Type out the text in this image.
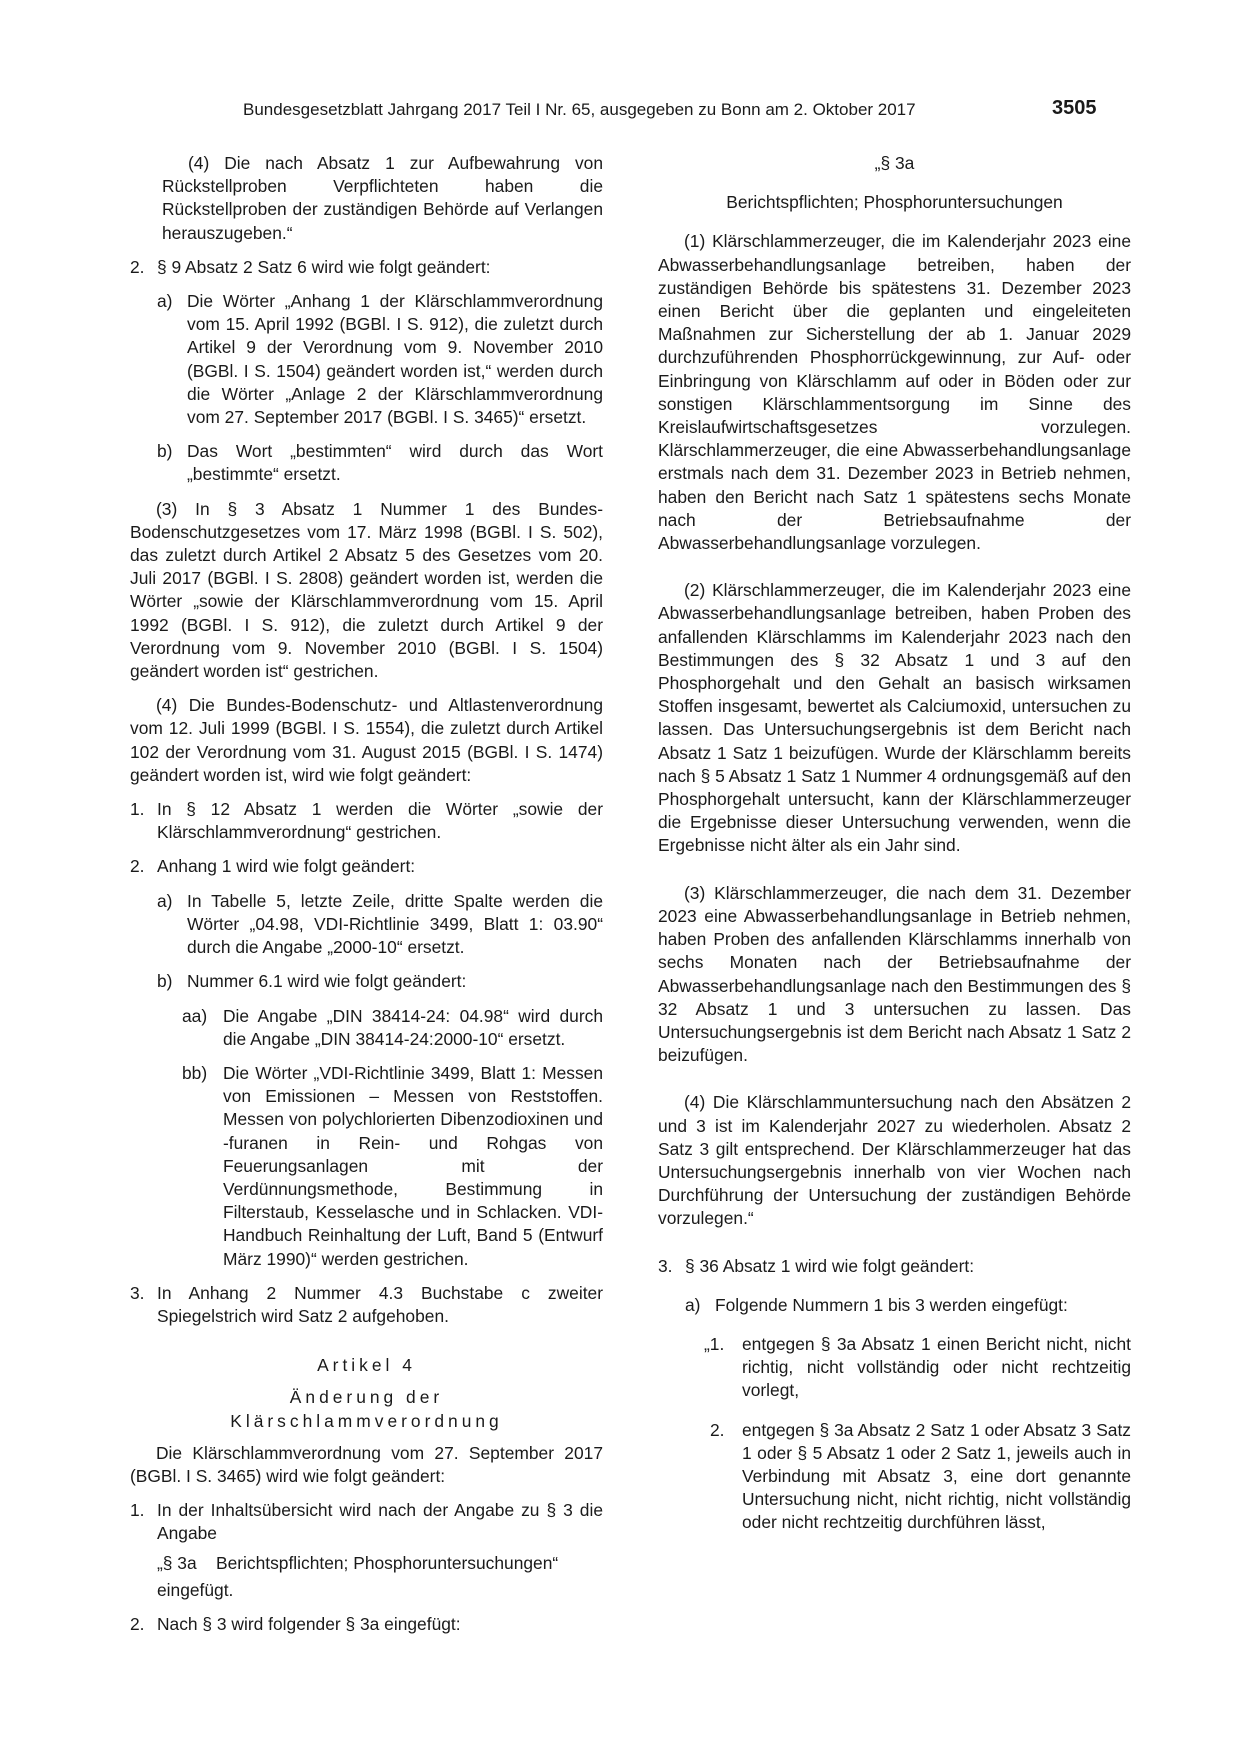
Bundesgesetzblatt Jahrgang 2017 Teil I Nr. 65, ausgegeben zu Bonn am 2. Oktober 2017	3505

(4) Die nach Absatz 1 zur Aufbewahrung von Rückstellproben Verpflichteten haben die Rückstellproben der zuständigen Behörde auf Verlangen herauszugeben.“

2. § 9 Absatz 2 Satz 6 wird wie folgt geändert:
a) Die Wörter „Anhang 1 der Klärschlammverordnung vom 15. April 1992 (BGBl. I S. 912), die zuletzt durch Artikel 9 der Verordnung vom 9. November 2010 (BGBl. I S. 1504) geändert worden ist,“ werden durch die Wörter „Anlage 2 der Klärschlammverordnung vom 27. September 2017 (BGBl. I S. 3465)“ ersetzt.
b) Das Wort „bestimmten“ wird durch das Wort „bestimmte“ ersetzt.

(3) In § 3 Absatz 1 Nummer 1 des Bundes-Bodenschutzgesetzes vom 17. März 1998 (BGBl. I S. 502), das zuletzt durch Artikel 2 Absatz 5 des Gesetzes vom 20. Juli 2017 (BGBl. I S. 2808) geändert worden ist, werden die Wörter „sowie der Klärschlammverordnung vom 15. April 1992 (BGBl. I S. 912), die zuletzt durch Artikel 9 der Verordnung vom 9. November 2010 (BGBl. I S. 1504) geändert worden ist“ gestrichen.

(4) Die Bundes-Bodenschutz- und Altlastenverordnung vom 12. Juli 1999 (BGBl. I S. 1554), die zuletzt durch Artikel 102 der Verordnung vom 31. August 2015 (BGBl. I S. 1474) geändert worden ist, wird wie folgt geändert:

1. In § 12 Absatz 1 werden die Wörter „sowie der Klärschlammverordnung“ gestrichen.
2. Anhang 1 wird wie folgt geändert:
a) In Tabelle 5, letzte Zeile, dritte Spalte werden die Wörter „04.98, VDI-Richtlinie 3499, Blatt 1: 03.90“ durch die Angabe „2000-10“ ersetzt.
b) Nummer 6.1 wird wie folgt geändert:
aa) Die Angabe „DIN 38414-24: 04.98“ wird durch die Angabe „DIN 38414-24:2000-10“ ersetzt.
bb) Die Wörter „VDI-Richtlinie 3499, Blatt 1: Messen von Emissionen – Messen von Reststoffen. Messen von polychlorierten Dibenzodioxinen und -furanen in Rein- und Rohgas von Feuerungsanlagen mit der Verdünnungsmethode, Bestimmung in Filterstaub, Kesselasche und in Schlacken. VDI-Handbuch Reinhaltung der Luft, Band 5 (Entwurf März 1990)“ werden gestrichen.
3. In Anhang 2 Nummer 4.3 Buchstabe c zweiter Spiegelstrich wird Satz 2 aufgehoben.

Artikel 4

Änderung der

Klärschlammverordnung

Die Klärschlammverordnung vom 27. September 2017 (BGBl. I S. 3465) wird wie folgt geändert:

1. In der Inhaltsübersicht wird nach der Angabe zu § 3 die Angabe

„§ 3a    Berichtspflichten; Phosphoruntersuchungen“

eingefügt.

2. Nach § 3 wird folgender § 3a eingefügt:

„§ 3a

Berichtspflichten; Phosphoruntersuchungen

(1) Klärschlammerzeuger, die im Kalenderjahr 2023 eine Abwasserbehandlungsanlage betreiben, haben der zuständigen Behörde bis spätestens 31. Dezember 2023 einen Bericht über die geplanten und eingeleiteten Maßnahmen zur Sicherstellung der ab 1. Januar 2029 durchzuführenden Phosphorrückgewinnung, zur Auf- oder Einbringung von Klärschlamm auf oder in Böden oder zur sonstigen Klärschlammentsorgung im Sinne des Kreislaufwirtschaftsgesetzes vorzulegen. Klärschlammerzeuger, die eine Abwasserbehandlungsanlage erstmals nach dem 31. Dezember 2023 in Betrieb nehmen, haben den Bericht nach Satz 1 spätestens sechs Monate nach der Betriebsaufnahme der Abwasserbehandlungsanlage vorzulegen.

(2) Klärschlammerzeuger, die im Kalenderjahr 2023 eine Abwasserbehandlungsanlage betreiben, haben Proben des anfallenden Klärschlamms im Kalenderjahr 2023 nach den Bestimmungen des § 32 Absatz 1 und 3 auf den Phosphorgehalt und den Gehalt an basisch wirksamen Stoffen insgesamt, bewertet als Calciumoxid, untersuchen zu lassen. Das Untersuchungsergebnis ist dem Bericht nach Absatz 1 Satz 1 beizufügen. Wurde der Klärschlamm bereits nach § 5 Absatz 1 Satz 1 Nummer 4 ordnungsgemäß auf den Phosphorgehalt untersucht, kann der Klärschlammerzeuger die Ergebnisse dieser Untersuchung verwenden, wenn die Ergebnisse nicht älter als ein Jahr sind.

(3) Klärschlammerzeuger, die nach dem 31. Dezember 2023 eine Abwasserbehandlungsanlage in Betrieb nehmen, haben Proben des anfallenden Klärschlamms innerhalb von sechs Monaten nach der Betriebsaufnahme der Abwasserbehandlungsanlage nach den Bestimmungen des § 32 Absatz 1 und 3 untersuchen zu lassen. Das Untersuchungsergebnis ist dem Bericht nach Absatz 1 Satz 2 beizufügen.

(4) Die Klärschlammuntersuchung nach den Absätzen 2 und 3 ist im Kalenderjahr 2027 zu wiederholen. Absatz 2 Satz 3 gilt entsprechend. Der Klärschlammerzeuger hat das Untersuchungsergebnis innerhalb von vier Wochen nach Durchführung der Untersuchung der zuständigen Behörde vorzulegen.“

3. § 36 Absatz 1 wird wie folgt geändert:
a) Folgende Nummern 1 bis 3 werden eingefügt:
„1. entgegen § 3a Absatz 1 einen Bericht nicht, nicht richtig, nicht vollständig oder nicht rechtzeitig vorlegt,
2. entgegen § 3a Absatz 2 Satz 1 oder Absatz 3 Satz 1 oder § 5 Absatz 1 oder 2 Satz 1, jeweils auch in Verbindung mit Absatz 3, eine dort genannte Untersuchung nicht, nicht richtig, nicht vollständig oder nicht rechtzeitig durchführen lässt,
